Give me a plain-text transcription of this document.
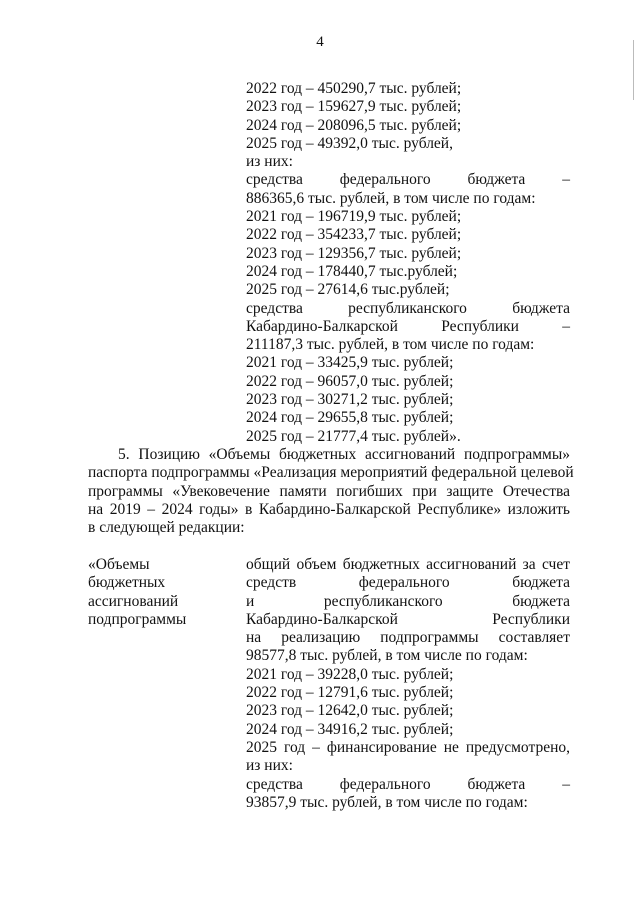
4
2022 год – 450290,7 тыс. рублей;
2023 год – 159627,9 тыс. рублей;
2024 год – 208096,5 тыс. рублей;
2025 год – 49392,0 тыс. рублей,
из них:
средства федерального бюджета –
886365,6 тыс. рублей, в том числе по годам:
2021 год – 196719,9 тыс. рублей;
2022 год – 354233,7 тыс. рублей;
2023 год – 129356,7 тыс. рублей;
2024 год – 178440,7 тыс.рублей;
2025 год – 27614,6 тыс.рублей;
средства	республиканского	бюджета
Кабардино-Балкарской	Республики	–
211187,3 тыс. рублей, в том числе по годам:
2021 год – 33425,9 тыс. рублей;
2022 год – 96057,0 тыс. рублей;
2023 год – 30271,2 тыс. рублей;
2024 год – 29655,8 тыс. рублей;
2025 год – 21777,4 тыс. рублей».
5. Позицию «Объемы бюджетных ассигнований подпрограммы»
паспорта подпрограммы «Реализация мероприятий федеральной целевой
программы «Увековечение памяти погибших при защите Отечества
на 2019 – 2024 годы» в Кабардино-Балкарской Республике» изложить
в следующей редакции:
«Объемы
бюджетных
ассигнований
подпрограммы
общий объем бюджетных ассигнований за счет
средств	федерального	бюджета
и	республиканского	бюджета
Кабардино-Балкарской	Республики
на реализацию подпрограммы составляет
98577,8 тыс. рублей, в том числе по годам:
2021 год – 39228,0 тыс. рублей;
2022 год – 12791,6 тыс. рублей;
2023 год – 12642,0 тыс. рублей;
2024 год – 34916,2 тыс. рублей;
2025 год – финансирование не предусмотрено,
из них:
средства федерального бюджета –
93857,9 тыс. рублей, в том числе по годам:
